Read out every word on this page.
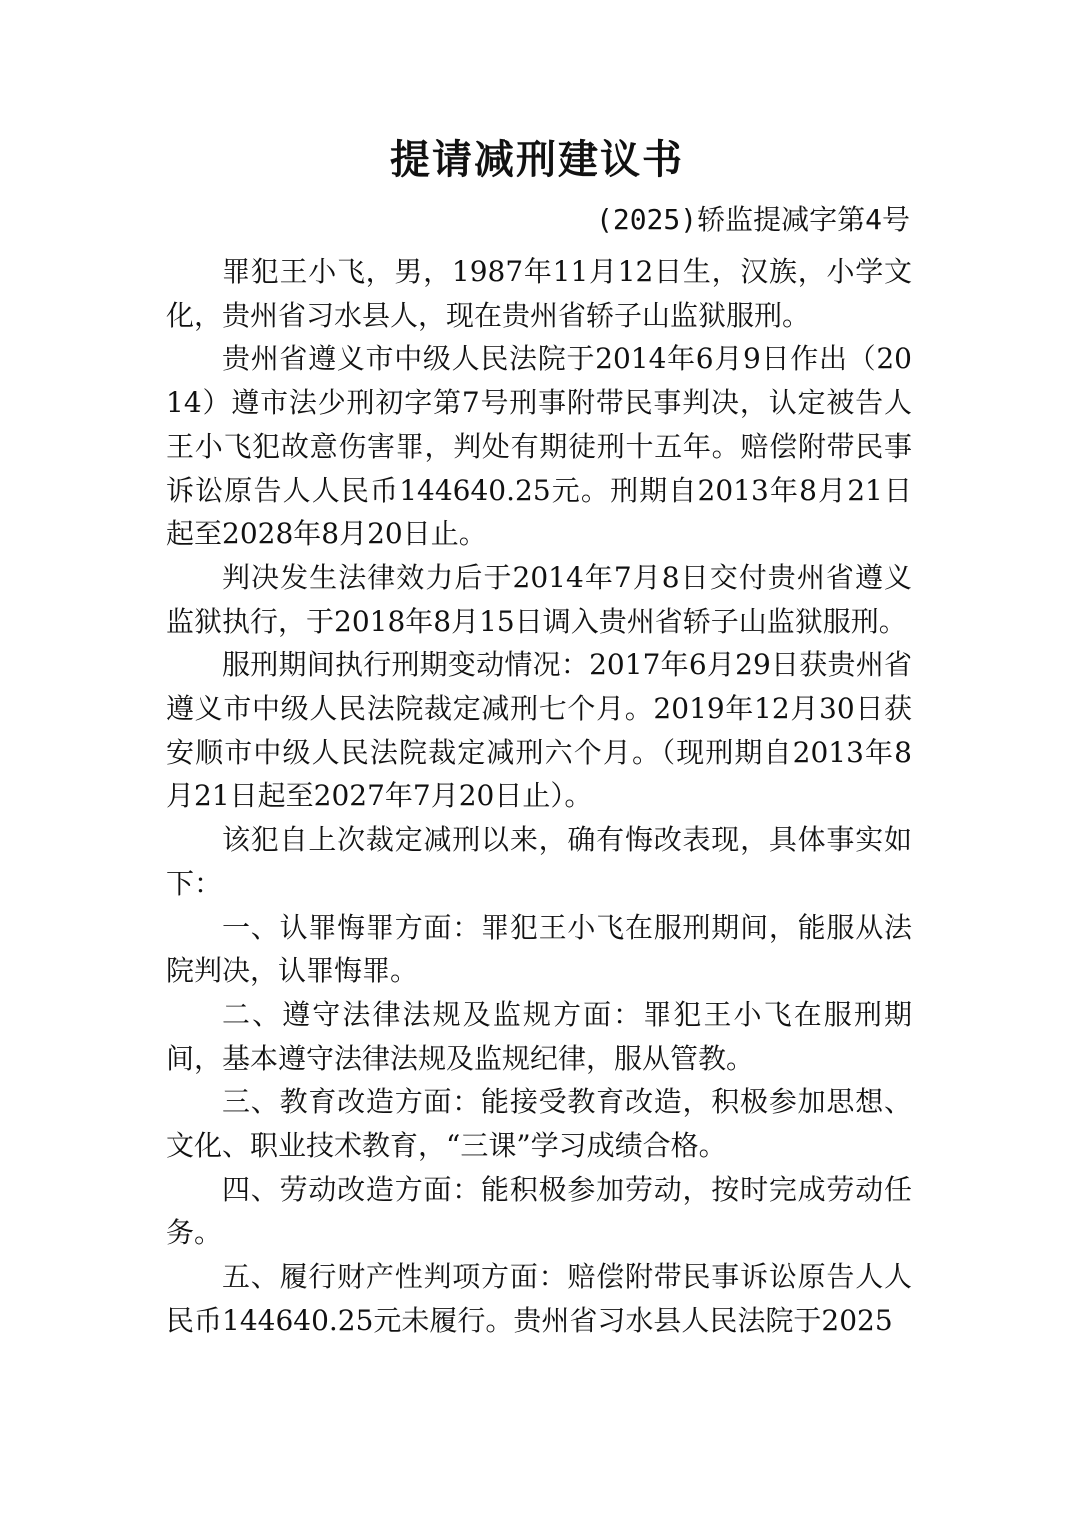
提请减刑建议书
(2025)轿监提减字第4号

罪犯王小飞，男，1987年11月12日生，汉族，小学文化，贵州省习水县人，现在贵州省轿子山监狱服刑。

贵州省遵义市中级人民法院于2014年6月9日作出（2014）遵市法少刑初字第7号刑事附带民事判决，认定被告人王小飞犯故意伤害罪，判处有期徒刑十五年。赔偿附带民事诉讼原告人人民币144640.25元。刑期自2013年8月21日起至2028年8月20日止。

判决发生法律效力后于2014年7月8日交付贵州省遵义监狱执行，于2018年8月15日调入贵州省轿子山监狱服刑。

服刑期间执行刑期变动情况：2017年6月29日获贵州省遵义市中级人民法院裁定减刑七个月。2019年12月30日获安顺市中级人民法院裁定减刑六个月。（现刑期自2013年8月21日起至2027年7月20日止）。

该犯自上次裁定减刑以来，确有悔改表现，具体事实如下：

一、认罪悔罪方面：罪犯王小飞在服刑期间，能服从法院判决，认罪悔罪。

二、遵守法律法规及监规方面：罪犯王小飞在服刑期间，基本遵守法律法规及监规纪律，服从管教。

三、教育改造方面：能接受教育改造，积极参加思想、文化、职业技术教育，“三课”学习成绩合格。

四、劳动改造方面：能积极参加劳动，按时完成劳动任务。

五、履行财产性判项方面：赔偿附带民事诉讼原告人人民币144640.25元未履行。贵州省习水县人民法院于2025
